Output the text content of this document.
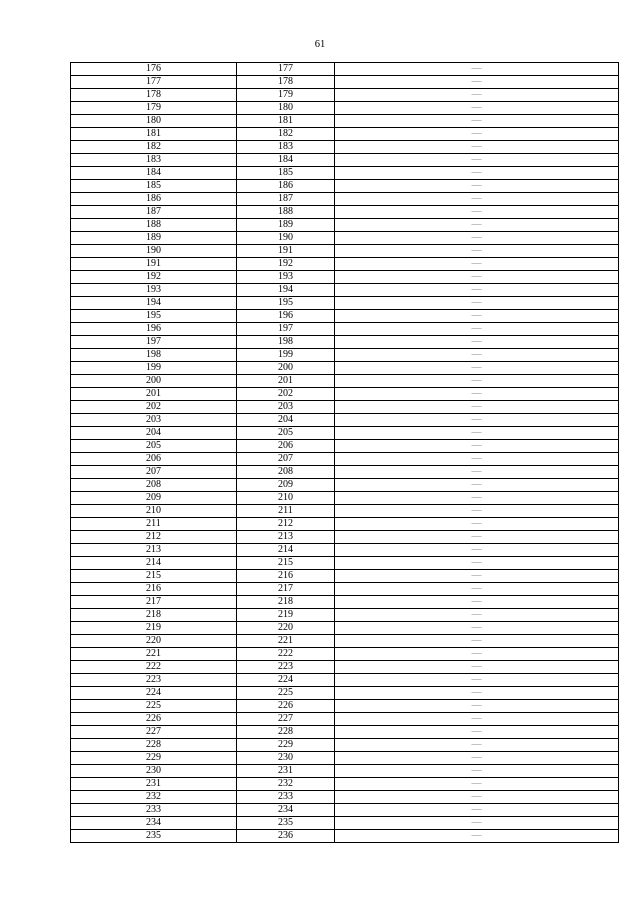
61
176	177	—
177	178	—
178	179	—
179	180	—
180	181	—
181	182	—
182	183	—
183	184	—
184	185	—
185	186	—
186	187	—
187	188	—
188	189	—
189	190	—
190	191	—
191	192	—
192	193	—
193	194	—
194	195	—
195	196	—
196	197	—
197	198	—
198	199	—
199	200	—
200	201	—
201	202	—
202	203	—
203	204	—
204	205	—
205	206	—
206	207	—
207	208	—
208	209	—
209	210	—
210	211	—
211	212	—
212	213	—
213	214	—
214	215	—
215	216	—
216	217	—
217	218	—
218	219	—
219	220	—
220	221	—
221	222	—
222	223	—
223	224	—
224	225	—
225	226	—
226	227	—
227	228	—
228	229	—
229	230	—
230	231	—
231	232	—
232	233	—
233	234	—
234	235	—
235	236	—
